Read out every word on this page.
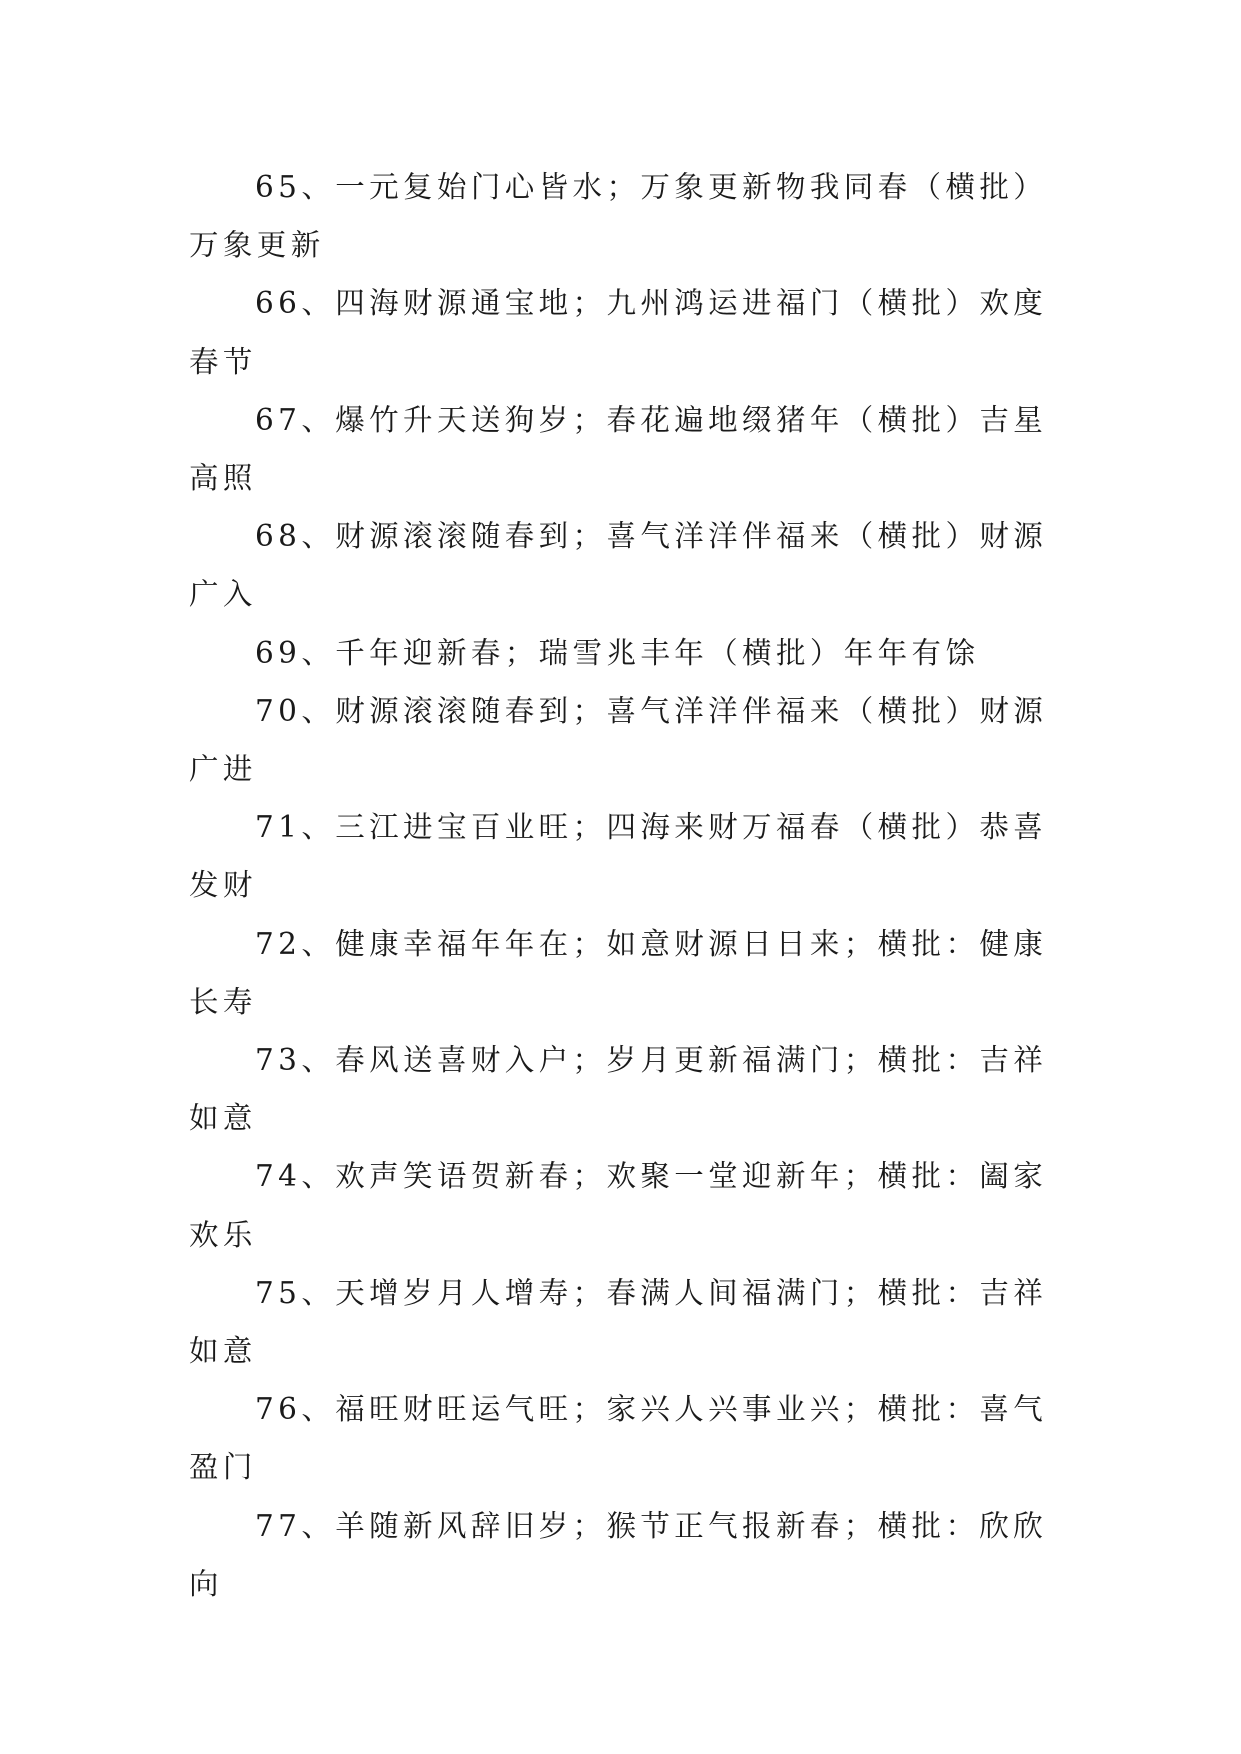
65、一元复始门心皆水；万象更新物我同春（横批）万象更新

66、四海财源通宝地；九州鸿运进福门（横批）欢度春节

67、爆竹升天送狗岁；春花遍地缀猪年（横批）吉星高照

68、财源滚滚随春到；喜气洋洋伴福来（横批）财源广入

69、千年迎新春；瑞雪兆丰年（横批）年年有馀

70、财源滚滚随春到；喜气洋洋伴福来（横批）财源广进

71、三江进宝百业旺；四海来财万福春（横批）恭喜发财

72、健康幸福年年在；如意财源日日来；横批：健康长寿

73、春风送喜财入户；岁月更新福满门；横批：吉祥如意

74、欢声笑语贺新春；欢聚一堂迎新年；横批：阖家欢乐

75、天增岁月人增寿；春满人间福满门；横批：吉祥如意

76、福旺财旺运气旺；家兴人兴事业兴；横批：喜气盈门

77、羊随新风辞旧岁；猴节正气报新春；横批：欣欣向
